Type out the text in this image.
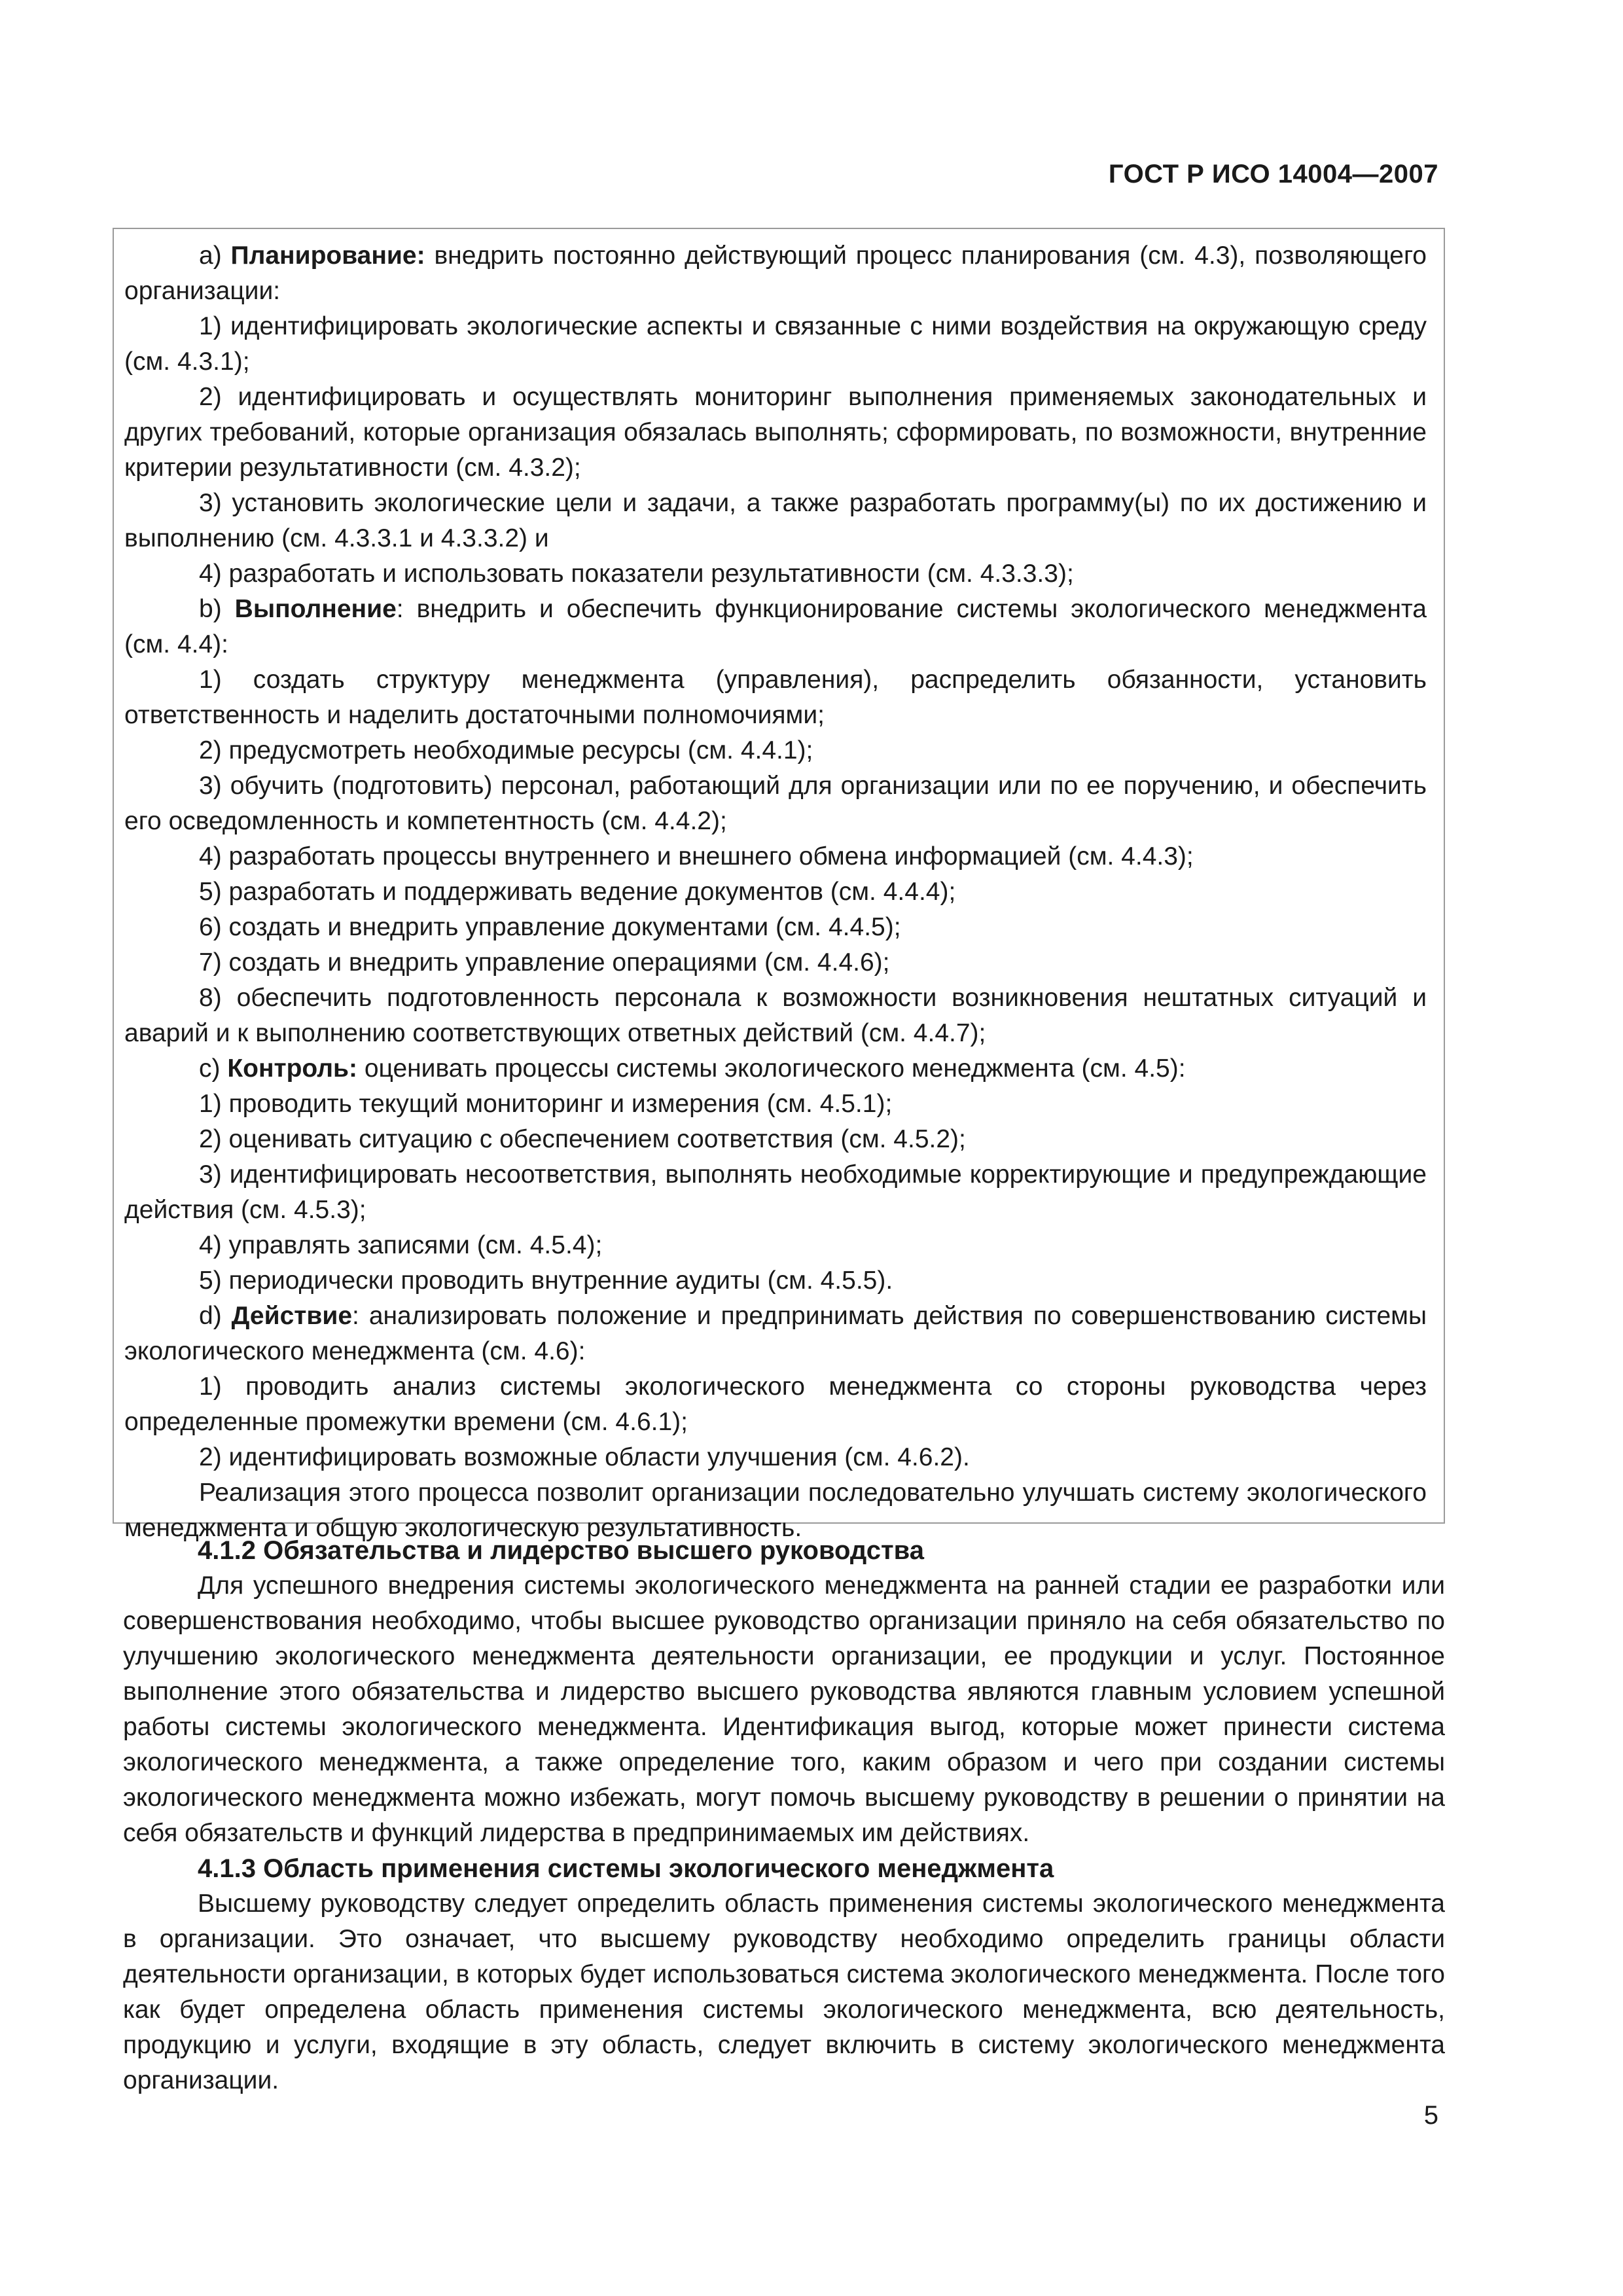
ГОСТ Р ИСО 14004—2007

a) Планирование: внедрить постоянно действующий процесс планирования (см. 4.3), позволяющего организации:

1) идентифицировать экологические аспекты и связанные с ними воздействия на окружающую среду (см. 4.3.1);

2) идентифицировать и осуществлять мониторинг выполнения применяемых законодательных и других требований, которые организация обязалась выполнять; сформировать, по возможности, внутренние критерии результативности (см. 4.3.2);

3) установить экологические цели и задачи, а также разработать программу(ы) по их достижению и выполнению (см. 4.3.3.1 и 4.3.3.2) и

4) разработать и использовать показатели результативности (см. 4.3.3.3);

b) Выполнение: внедрить и обеспечить функционирование системы экологического менеджмента (см. 4.4):

1) создать структуру менеджмента (управления), распределить обязанности, установить ответственность и наделить достаточными полномочиями;

2) предусмотреть необходимые ресурсы (см. 4.4.1);

3) обучить (подготовить) персонал, работающий для организации или по ее поручению, и обеспечить его осведомленность и компетентность (см. 4.4.2);

4) разработать процессы внутреннего и внешнего обмена информацией (см. 4.4.3);

5) разработать и поддерживать ведение документов (см. 4.4.4);

6) создать и внедрить управление документами (см. 4.4.5);

7) создать и внедрить управление операциями (см. 4.4.6);

8) обеспечить подготовленность персонала к возможности возникновения нештатных ситуаций и аварий и к выполнению соответствующих ответных действий (см. 4.4.7);

c) Контроль: оценивать процессы системы экологического менеджмента (см. 4.5):

1) проводить текущий мониторинг и измерения (см. 4.5.1);

2) оценивать ситуацию с обеспечением соответствия (см. 4.5.2);

3) идентифицировать несоответствия, выполнять необходимые корректирующие и предупреждающие действия (см. 4.5.3);

4) управлять записями (см. 4.5.4);

5) периодически проводить внутренние аудиты (см. 4.5.5).

d) Действие: анализировать положение и предпринимать действия по совершенствованию системы экологического менеджмента (см. 4.6):

1) проводить анализ системы экологического менеджмента со стороны руководства через определенные промежутки времени (см. 4.6.1);

2) идентифицировать возможные области улучшения (см. 4.6.2).

Реализация этого процесса позволит организации последовательно улучшать систему экологического менеджмента и общую экологическую результативность.

4.1.2 Обязательства и лидерство высшего руководства

Для успешного внедрения системы экологического менеджмента на ранней стадии ее разработки или совершенствования необходимо, чтобы высшее руководство организации приняло на себя обязательство по улучшению экологического менеджмента деятельности организации, ее продукции и услуг. Постоянное выполнение этого обязательства и лидерство высшего руководства являются главным условием успешной работы системы экологического менеджмента. Идентификация выгод, которые может принести система экологического менеджмента, а также определение того, каким образом и чего при создании системы экологического менеджмента можно избежать, могут помочь высшему руководству в решении о принятии на себя обязательств и функций лидерства в предпринимаемых им действиях.

4.1.3 Область применения системы экологического менеджмента

Высшему руководству следует определить область применения системы экологического менеджмента в организации. Это означает, что высшему руководству необходимо определить границы области деятельности организации, в которых будет использоваться система экологического менеджмента. После того как будет определена область применения системы экологического менеджмента, всю деятельность, продукцию и услуги, входящие в эту область, следует включить в систему экологического менеджмента организации.

5
